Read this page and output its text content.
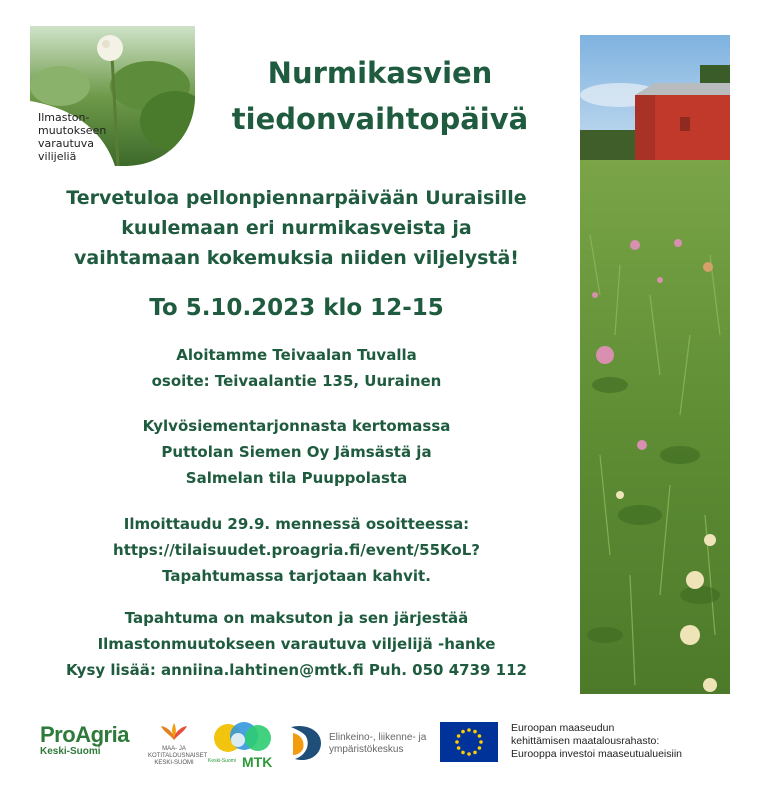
Ilmaston-
muutokseen
varautuva
vilijeliä
Nurmikasvien
tiedonvaihtopäivä
Tervetuloa pellonpiennarpäivään Uuraisille
kuulemaan eri nurmikasveista ja
vaihtamaan kokemuksia niiden viljelystä!
To 5.10.2023 klo 12-15
Aloitamme Teivaalan Tuvalla
osoite: Teivaalantie 135, Uurainen
Kylvösiementarjonnasta kertomassa
Puttolan Siemen Oy Jämsästä ja
Salmelan tila Puuppolasta
Ilmoittaudu 29.9. mennessä osoitteessa:
https://tilaisuudet.proagria.fi/event/55KoL?
Tapahtumassa tarjotaan kahvit.
Tapahtuma on maksuton ja sen järjestää
Ilmastonmuutokseen varautuva viljelijä -hanke
Kysy lisää: anniina.lahtinen@mtk.fi Puh. 050 4739 112
ProAgria
Keski-Suomi	MAA- JA
KOTITALOUSNAISET
KESKI-SUOMI	Keski-Suomi MTK
Elinkeino-, liikenne- ja
ympäristökeskus
Euroopan maaseudun
kehittämisen maatalousrahasto:
Eurooppa investoi maaseutualueisiin
